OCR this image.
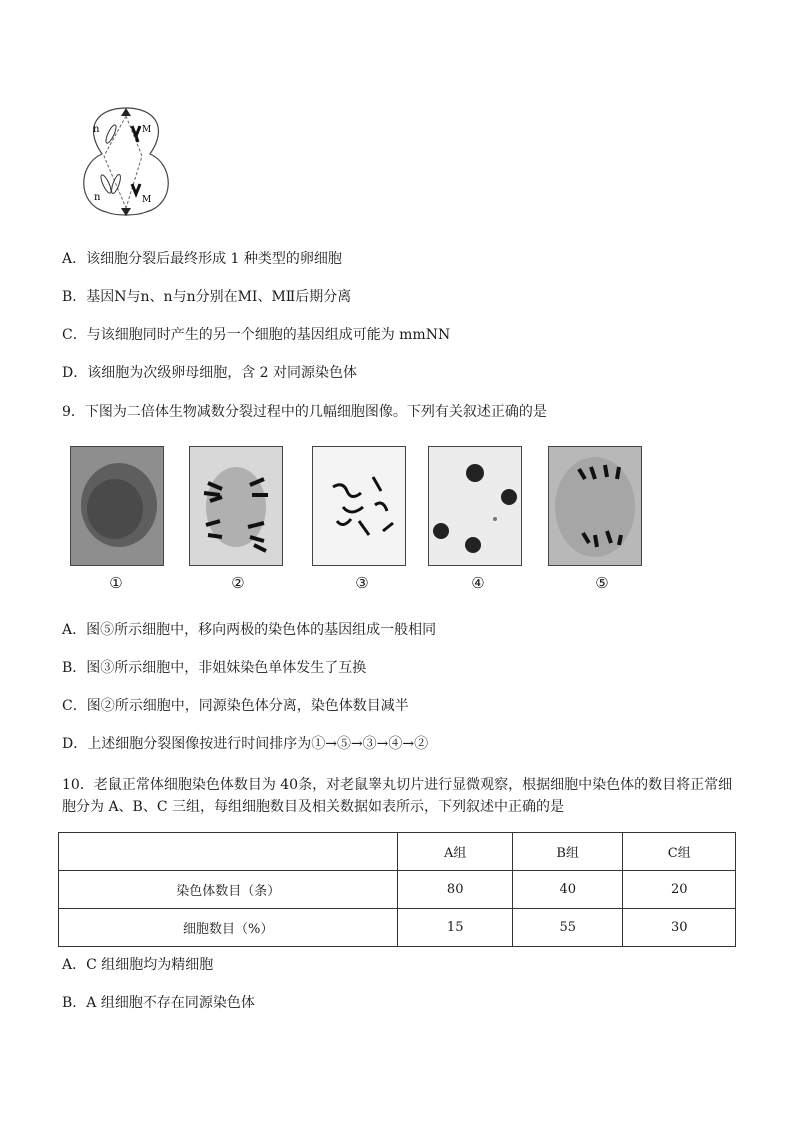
n	M
n	M
A．该细胞分裂后最终形成 1 种类型的卵细胞
B．基因N与n、n与n分别在MⅠ、MⅡ后期分离
C．与该细胞同时产生的另一个细胞的基因组成可能为 mmNN
D．该细胞为次级卵母细胞，含 2 对同源染色体
9．下图为二倍体生物减数分裂过程中的几幅细胞图像。下列有关叙述正确的是
①	②	③	④	⑤
A．图⑤所示细胞中，移向两极的染色体的基因组成一般相同
B．图③所示细胞中，非姐妹染色单体发生了互换
C．图②所示细胞中，同源染色体分离，染色体数目减半
D．上述细胞分裂图像按进行时间排序为①→⑤→③→④→②
10．老鼠正常体细胞染色体数目为 40条，对老鼠睾丸切片进行显微观察，根据细胞中染色体的数目将正常细胞分为 A、B、C 三组，每组细胞数目及相关数据如表所示，下列叙述中正确的是
	A组	B组	C组
染色体数目（条）	80	40	20
细胞数目（%）	15	55	30
A．C 组细胞均为精细胞
B．A 组细胞不存在同源染色体
